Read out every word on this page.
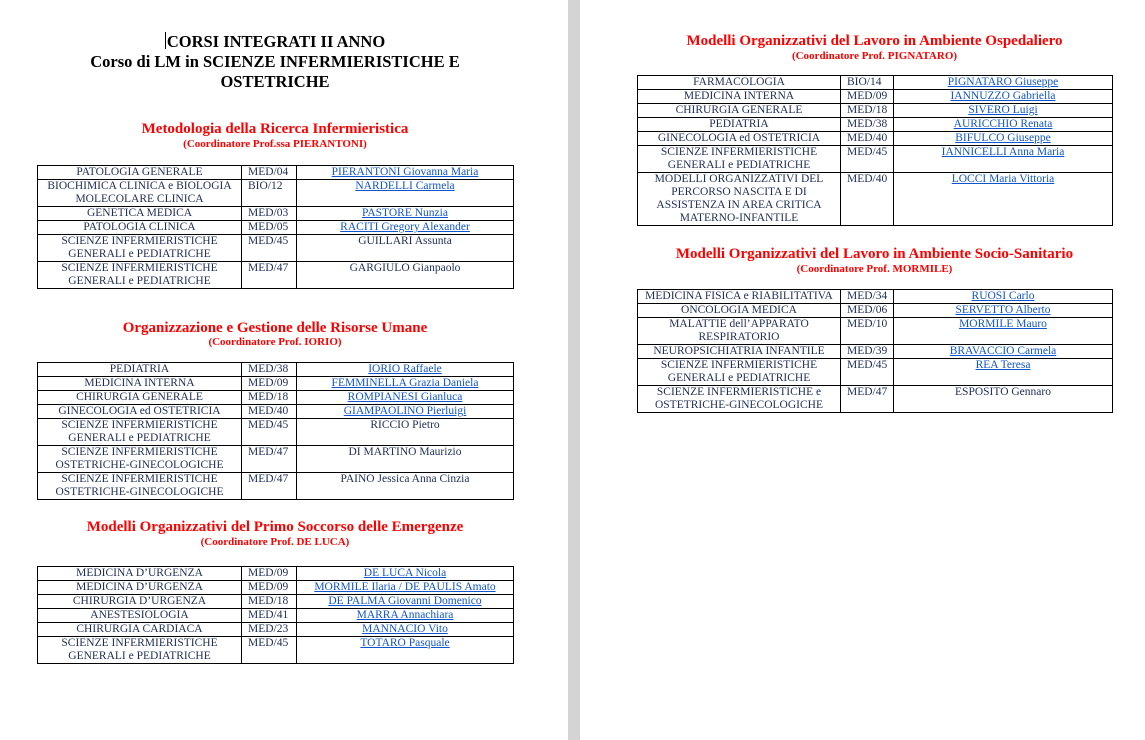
CORSI INTEGRATI II ANNO
Corso di LM in SCIENZE INFERMIERISTICHE E
OSTETRICHE
Metodologia della Ricerca Infermieristica
(Coordinatore Prof.ssa PIERANTONI)
PATOLOGIA GENERALE	MED/04	PIERANTONI Giovanna Maria
BIOCHIMICA CLINICA e BIOLOGIA MOLECOLARE CLINICA	BIO/12	NARDELLI Carmela
GENETICA MEDICA	MED/03	PASTORE Nunzia
PATOLOGIA CLINICA	MED/05	RACITI Gregory Alexander
SCIENZE INFERMIERISTICHE GENERALI e PEDIATRICHE	MED/45	GUILLARI Assunta
SCIENZE INFERMIERISTICHE GENERALI e PEDIATRICHE	MED/47	GARGIULO Gianpaolo
Organizzazione e Gestione delle Risorse Umane
(Coordinatore Prof. IORIO)
PEDIATRIA	MED/38	IORIO Raffaele
MEDICINA INTERNA	MED/09	FEMMINELLA Grazia Daniela
CHIRURGIA GENERALE	MED/18	ROMPIANESI Gianluca
GINECOLOGIA ed OSTETRICIA	MED/40	GIAMPAOLINO Pierluigi
SCIENZE INFERMIERISTICHE GENERALI e PEDIATRICHE	MED/45	RICCIO Pietro
SCIENZE INFERMIERISTICHE OSTETRICHE-GINECOLOGICHE	MED/47	DI MARTINO Maurizio
SCIENZE INFERMIERISTICHE OSTETRICHE-GINECOLOGICHE	MED/47	PAINO Jessica Anna Cinzia
Modelli Organizzativi del Primo Soccorso delle Emergenze
(Coordinatore Prof. DE LUCA)
MEDICINA D’URGENZA	MED/09	DE LUCA Nicola
MEDICINA D’URGENZA	MED/09	MORMILE Ilaria / DE PAULIS Amato
CHIRURGIA D’URGENZA	MED/18	DE PALMA Giovanni Domenico
ANESTESIOLOGIA	MED/41	MARRA Annachiara
CHIRURGIA CARDIACA	MED/23	MANNACIO Vito
SCIENZE INFERMIERISTICHE GENERALI e PEDIATRICHE	MED/45	TOTARO Pasquale
Modelli Organizzativi del Lavoro in Ambiente Ospedaliero
(Coordinatore Prof. PIGNATARO)
FARMACOLOGIA	BIO/14	PIGNATARO Giuseppe
MEDICINA INTERNA	MED/09	IANNUZZO Gabriella
CHIRURGIA GENERALE	MED/18	SIVERO Luigi
PEDIATRIA	MED/38	AURICCHIO Renata
GINECOLOGIA ed OSTETRICIA	MED/40	BIFULCO Giuseppe
SCIENZE INFERMIERISTICHE GENERALI e PEDIATRICHE	MED/45	IANNICELLI Anna Maria
MODELLI ORGANIZZATIVI DEL PERCORSO NASCITA E DI ASSISTENZA IN AREA CRITICA MATERNO-INFANTILE	MED/40	LOCCI Maria Vittoria
Modelli Organizzativi del Lavoro in Ambiente Socio-Sanitario
(Coordinatore Prof. MORMILE)
MEDICINA FISICA e RIABILITATIVA	MED/34	RUOSI Carlo
ONCOLOGIA MEDICA	MED/06	SERVETTO Alberto
MALATTIE dell’APPARATO RESPIRATORIO	MED/10	MORMILE Mauro
NEUROPSICHIATRIA INFANTILE	MED/39	BRAVACCIO Carmela
SCIENZE INFERMIERISTICHE GENERALI e PEDIATRICHE	MED/45	REA Teresa
SCIENZE INFERMIERISTICHE e OSTETRICHE-GINECOLOGICHE	MED/47	ESPOSITO Gennaro
